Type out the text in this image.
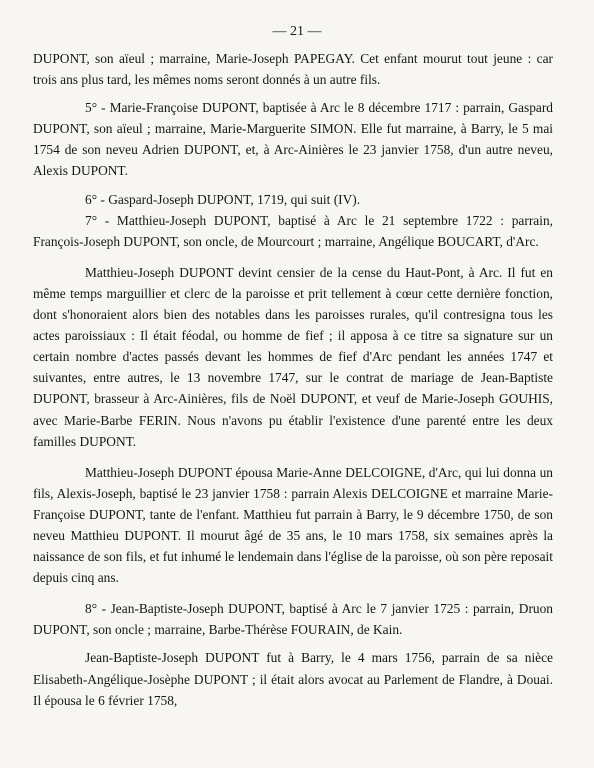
— 21 —

DUPONT, son aïeul ; marraine, Marie-Joseph PAPEGAY. Cet enfant mourut tout jeune : car trois ans plus tard, les mêmes noms seront donnés à un autre fils.

5° - Marie-Françoise DUPONT, baptisée à Arc le 8 décembre 1717 : parrain, Gaspard DUPONT, son aïeul ; marraine, Marie-Marguerite SIMON. Elle fut marraine, à Barry, le 5 mai 1754 de son neveu Adrien DUPONT, et, à Arc-Ainières le 23 janvier 1758, d'un autre neveu, Alexis DUPONT.

6° - Gaspard-Joseph DUPONT, 1719, qui suit (IV).

7° - Matthieu-Joseph DUPONT, baptisé à Arc le 21 septembre 1722 : parrain, François-Joseph DUPONT, son oncle, de Mourcourt ; marraine, Angélique BOUCART, d'Arc.

Matthieu-Joseph DUPONT devint censier de la cense du Haut-Pont, à Arc. Il fut en même temps marguillier et clerc de la paroisse et prit tellement à cœur cette dernière fonction, dont s'honoraient alors bien des notables dans les paroisses rurales, qu'il contresigna tous les actes paroissiaux : Il était féodal, ou homme de fief ; il apposa à ce titre sa signature sur un certain nombre d'actes passés devant les hommes de fief d'Arc pendant les années 1747 et suivantes, entre autres, le 13 novembre 1747, sur le contrat de mariage de Jean-Baptiste DUPONT, brasseur à Arc-Ainières, fils de Noël DUPONT, et veuf de Marie-Joseph GOUHIS, avec Marie-Barbe FERIN. Nous n'avons pu établir l'existence d'une parenté entre les deux familles DUPONT.

Matthieu-Joseph DUPONT épousa Marie-Anne DELCOIGNE, d'Arc, qui lui donna un fils, Alexis-Joseph, baptisé le 23 janvier 1758 : parrain Alexis DELCOIGNE et marraine Marie-Françoise DUPONT, tante de l'enfant. Matthieu fut parrain à Barry, le 9 décembre 1750, de son neveu Matthieu DUPONT. Il mourut âgé de 35 ans, le 10 mars 1758, six semaines après la naissance de son fils, et fut inhumé le lendemain dans l'église de la paroisse, où son père reposait depuis cinq ans.

8° - Jean-Baptiste-Joseph DUPONT, baptisé à Arc le 7 janvier 1725 : parrain, Druon DUPONT, son oncle ; marraine, Barbe-Thérèse FOURAIN, de Kain.

Jean-Baptiste-Joseph DUPONT fut à Barry, le 4 mars 1756, parrain de sa nièce Elisabeth-Angélique-Josèphe DUPONT ; il était alors avocat au Parlement de Flandre, à Douai. Il épousa le 6 février 1758,
